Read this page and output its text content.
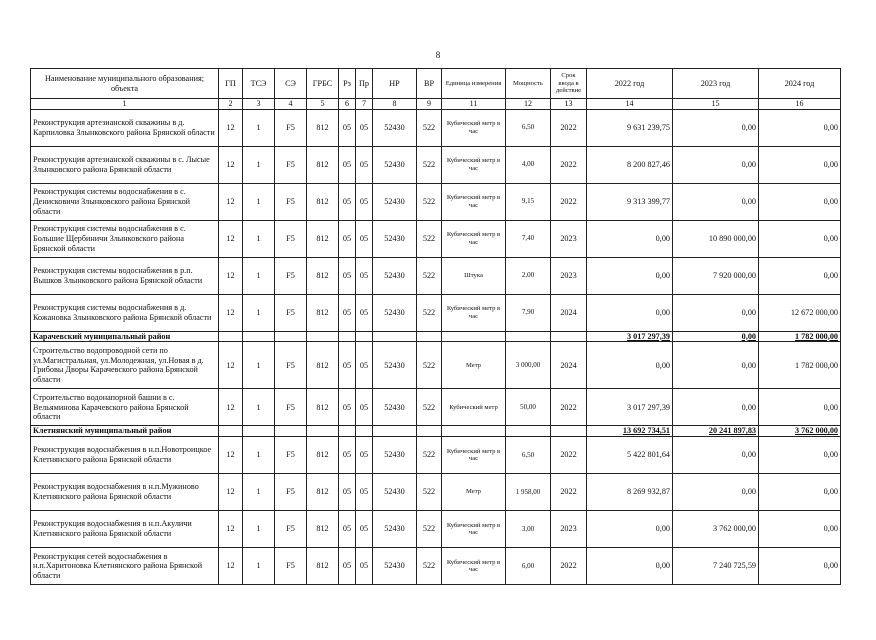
8
Наименование муниципального образования; объекта	ГП	ТСЭ	СЭ	ГРБС	Рз	Пр	НР	ВР	Единица измерения	Мощность	Срок ввода в действие	2022 год	2023 год	2024 год
1	2	3	4	5	6	7	8	9	11	12	13	14	15	16
Реконструкция артезианской скважины в д. Карпиловка Злынковского района Брянской области	12	1	F5	812	05	05	52430	522	Кубический метр в час	6,50	2022	9 631 239,75	0,00	0,00
Реконструкция артезианской скважины в с. Лысые Злынковского района Брянской области	12	1	F5	812	05	05	52430	522	Кубический метр в час	4,00	2022	8 200 827,46	0,00	0,00
Реконструкция системы водоснабжения в с. Денисковичи Злынковского района Брянской области	12	1	F5	812	05	05	52430	522	Кубический метр в час	9,15	2022	9 313 399,77	0,00	0,00
Реконструкция системы водоснабжения в с. Большие Щербиничи Злынковского района Брянской области	12	1	F5	812	05	05	52430	522	Кубический метр в час	7,40	2023	0,00	10 890 000,00	0,00
Реконструкция системы водоснабжения в р.п. Вышков Злынковского района Брянской области	12	1	F5	812	05	05	52430	522	Штука	2,00	2023	0,00	7 920 000,00	0,00
Реконструкция системы водоснабжения в д. Кожановка Злынковского района Брянской области	12	1	F5	812	05	05	52430	522	Кубический метр в час	7,90	2024	0,00	0,00	12 672 000,00
Карачевский муниципальный район												3 017 297,39	0,00	1 782 000,00
Строительство водопроводной сети по ул.Магистральная, ул.Молодежная, ул.Новая в д. Грибовы Дворы Карачевского района Брянской области	12	1	F5	812	05	05	52430	522	Метр	3 000,00	2024	0,00	0,00	1 782 000,00
Строительство водонапорной башни в с. Вельяминова Карачевского района Брянской области	12	1	F5	812	05	05	52430	522	Кубический метр	50,00	2022	3 017 297,39	0,00	0,00
Клетнянский муниципальный район												13 692 734,51	20 241 897,83	3 762 000,00
Реконструкция водоснабжения в н.п.Новотроицкое Клетнянского района Брянской области	12	1	F5	812	05	05	52430	522	Кубический метр в час	6,50	2022	5 422 801,64	0,00	0,00
Реконструкция водоснабжения в н.п.Мужиново Клетнянского района Брянской области	12	1	F5	812	05	05	52430	522	Метр	1 958,00	2022	8 269 932,87	0,00	0,00
Реконструкция водоснабжения в н.п.Акуличи Клетнянского района Брянской области	12	1	F5	812	05	05	52430	522	Кубический метр в час	3,00	2023	0,00	3 762 000,00	0,00
Реконструкция сетей водоснабжения в н.п.Харитоновка Клетнянского района Брянской области	12	1	F5	812	05	05	52430	522	Кубический метр в час	6,00	2022	0,00	7 240 725,59	0,00
